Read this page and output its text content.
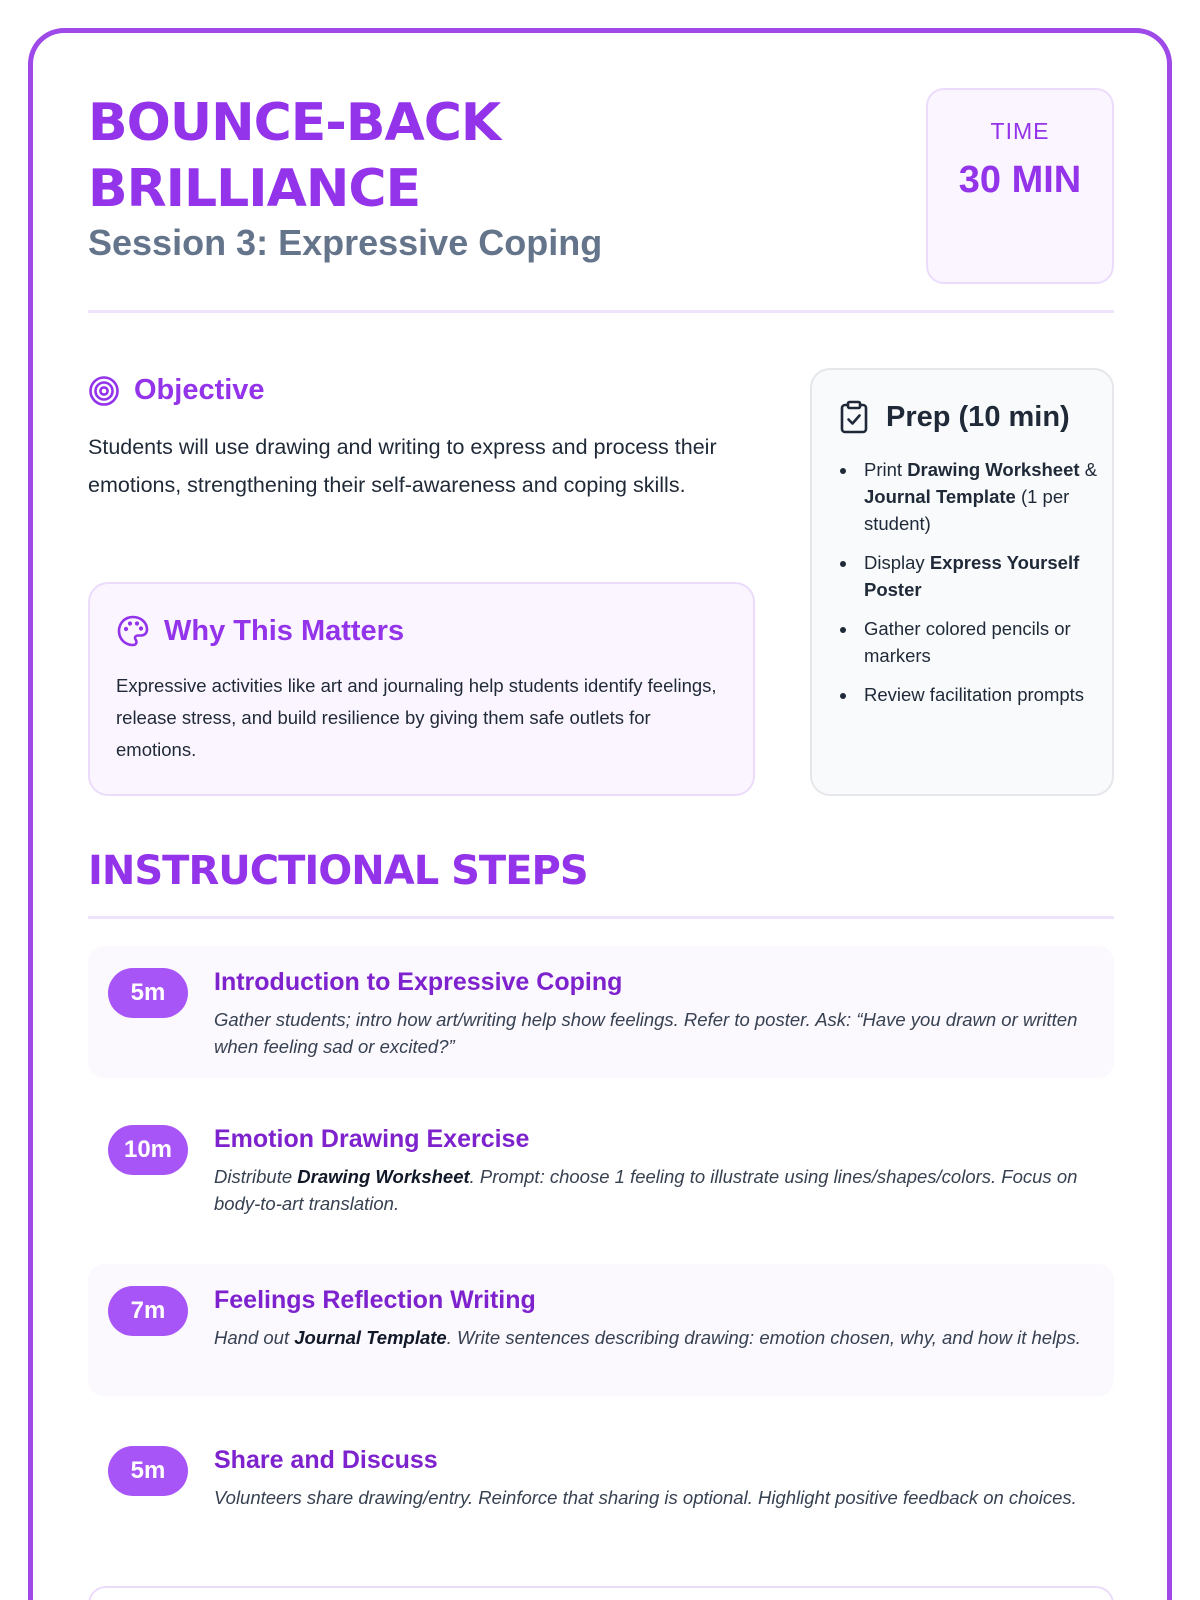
BOUNCE-BACK
BRILLIANCE
Session 3: Expressive Coping
TIME
30 MIN
Objective

Students will use drawing and writing to express and process their emotions, strengthening their self-awareness and coping skills.

Why This Matters

Expressive activities like art and journaling help students identify feelings, release stress, and build resilience by giving them safe outlets for emotions.

Prep (10 min)
Print Drawing Worksheet & Journal Template (1 per student)
Display Express Yourself Poster
Gather colored pencils or markers
Review facilitation prompts
INSTRUCTIONAL STEPS
5m	Introduction to Expressive Coping
Gather students; intro how art/writing help show feelings. Refer to poster. Ask: “Have you drawn or written when feeling sad or excited?”
10m	Emotion Drawing Exercise
Distribute Drawing Worksheet. Prompt: choose 1 feeling to illustrate using lines/shapes/colors. Focus on body-to-art translation.
7m	Feelings Reflection Writing
Hand out Journal Template. Write sentences describing drawing: emotion chosen, why, and how it helps.
5m	Share and Discuss
Volunteers share drawing/entry. Reinforce that sharing is optional. Highlight positive feedback on choices.
